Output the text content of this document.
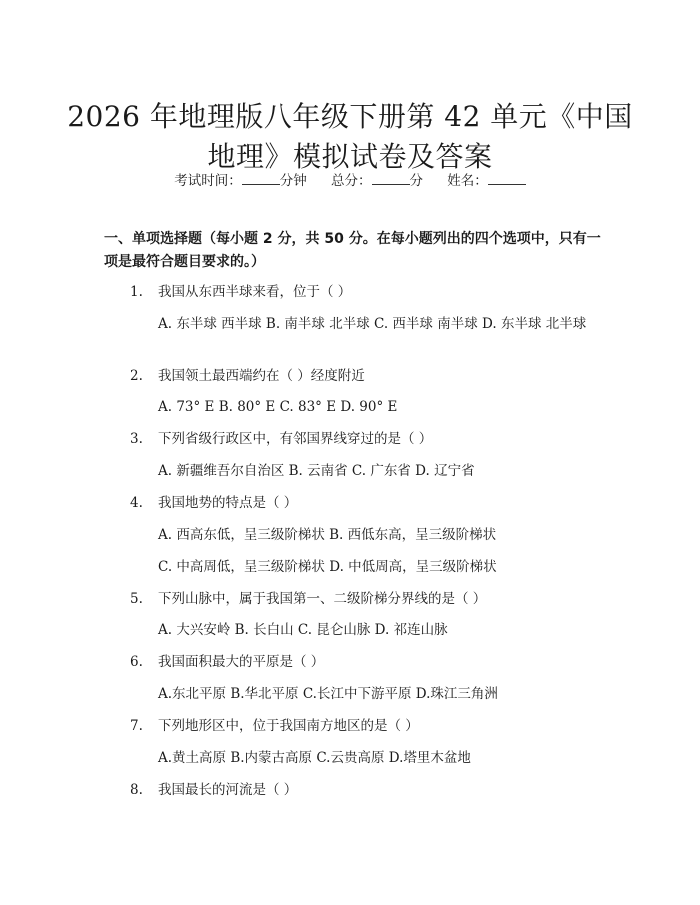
2026 年地理版八年级下册第 42 单元《中国
地理》模拟试卷及答案
考试时间：	分钟 总分：	分 姓名：
一、单项选择题（每小题 2 分，共 50 分。在每小题列出的四个选项中，只有一项是最符合题目要求的。）
1. 我国从东西半球来看，位于（ ）
A. 东半球 西半球 B. 南半球 北半球 C. 西半球 南半球 D. 东半球 北半球
2. 我国领土最西端约在（ ）经度附近
A. 73° E B. 80° E C. 83° E D. 90° E
3. 下列省级行政区中，有邻国界线穿过的是（ ）
A. 新疆维吾尔自治区 B. 云南省 C. 广东省 D. 辽宁省
4. 我国地势的特点是（ ）
A. 西高东低，呈三级阶梯状 B. 西低东高，呈三级阶梯状
C. 中高周低，呈三级阶梯状 D. 中低周高，呈三级阶梯状
5. 下列山脉中，属于我国第一、二级阶梯分界线的是（ ）
A. 大兴安岭 B. 长白山 C. 昆仑山脉 D. 祁连山脉
6. 我国面积最大的平原是（ ）
A.东北平原 B.华北平原 C.长江中下游平原 D.珠江三角洲
7. 下列地形区中，位于我国南方地区的是（ ）
A.黄土高原 B.内蒙古高原 C.云贵高原 D.塔里木盆地
8. 我国最长的河流是（ ）
